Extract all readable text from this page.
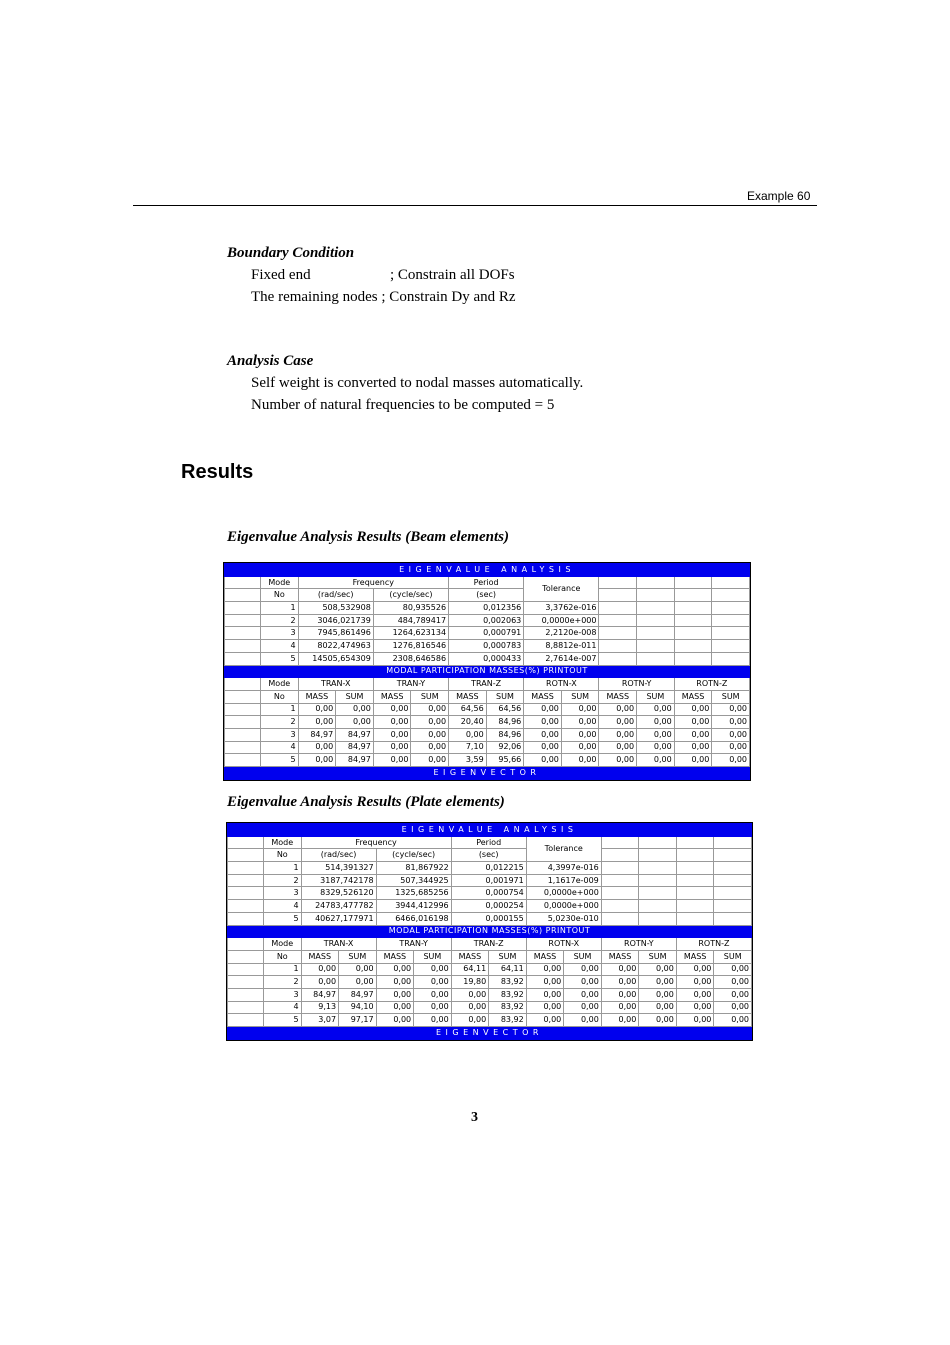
Example 60
Boundary Condition
Fixed end	; Constrain all DOFs
The remaining nodes ; Constrain Dy and Rz
Analysis Case
Self weight is converted to nodal masses automatically.
Number of natural frequencies to be computed = 5
Results
Eigenvalue Analysis Results (Beam elements)
EIGENVALUE ANALYSIS													
	Mode	Frequency				Period		Tolerance					
	No	(rad/sec)		(cycle/sec)		(sec)							
	1	508,532908		80,935526		0,012356		3,3762e-016					
	2	3046,021739		484,789417		0,002063		0,0000e+000					
	3	7945,861496		1264,623134		0,000791		2,2120e-008					
	4	8022,474963		1276,816546		0,000783		8,8812e-011					
	5	14505,654309		2308,646586		0,000433		2,7614e-007					
MODAL PARTICIPATION MASSES(%) PRINTOUT													
	Mode	TRAN-X		TRAN-Y		TRAN-Z		ROTN-X		ROTN-Y		ROTN-Z	
	No	MASS	SUM	MASS	SUM	MASS	SUM	MASS	SUM	MASS	SUM	MASS	SUM
	1	0,00	0,00	0,00	0,00	64,56	64,56	0,00	0,00	0,00	0,00	0,00	0,00
	2	0,00	0,00	0,00	0,00	20,40	84,96	0,00	0,00	0,00	0,00	0,00	0,00
	3	84,97	84,97	0,00	0,00	0,00	84,96	0,00	0,00	0,00	0,00	0,00	0,00
	4	0,00	84,97	0,00	0,00	7,10	92,06	0,00	0,00	0,00	0,00	0,00	0,00
	5	0,00	84,97	0,00	0,00	3,59	95,66	0,00	0,00	0,00	0,00	0,00	0,00
EIGENVECTOR													
Eigenvalue Analysis Results (Plate elements)
EIGENVALUE ANALYSIS													
	Mode	Frequency				Period		Tolerance					
	No	(rad/sec)		(cycle/sec)		(sec)							
	1	514,391327		81,867922		0,012215		4,3997e-016					
	2	3187,742178		507,344925		0,001971		1,1617e-009					
	3	8329,526120		1325,685256		0,000754		0,0000e+000					
	4	24783,477782		3944,412996		0,000254		0,0000e+000					
	5	40627,177971		6466,016198		0,000155		5,0230e-010					
MODAL PARTICIPATION MASSES(%) PRINTOUT													
	Mode	TRAN-X		TRAN-Y		TRAN-Z		ROTN-X		ROTN-Y		ROTN-Z	
	No	MASS	SUM	MASS	SUM	MASS	SUM	MASS	SUM	MASS	SUM	MASS	SUM
	1	0,00	0,00	0,00	0,00	64,11	64,11	0,00	0,00	0,00	0,00	0,00	0,00
	2	0,00	0,00	0,00	0,00	19,80	83,92	0,00	0,00	0,00	0,00	0,00	0,00
	3	84,97	84,97	0,00	0,00	0,00	83,92	0,00	0,00	0,00	0,00	0,00	0,00
	4	9,13	94,10	0,00	0,00	0,00	83,92	0,00	0,00	0,00	0,00	0,00	0,00
	5	3,07	97,17	0,00	0,00	0,00	83,92	0,00	0,00	0,00	0,00	0,00	0,00
EIGENVECTOR													
3
